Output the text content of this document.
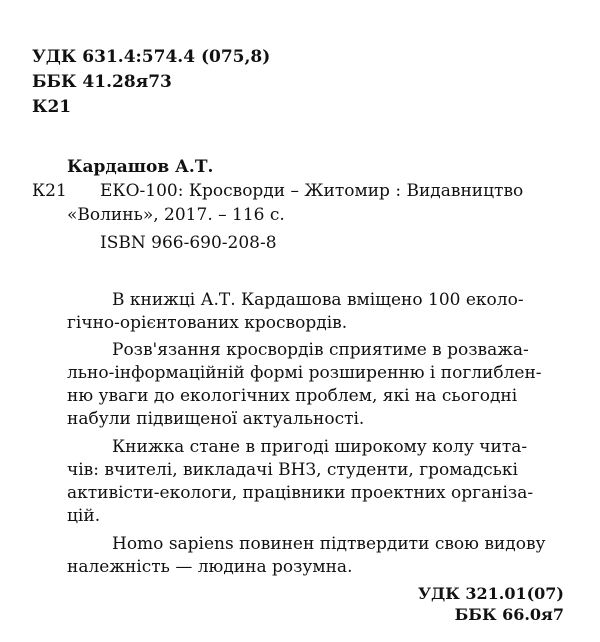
УДК 631.4:574.4 (075,8)
ББК 41.28я73
К21
Кардашов А.Т.
К21 ЕКО-100: Кросворди – Житомир : Видавництво
«Волинь», 2017. – 116 с.
ISBN 966-690-208-8
В книжці А.Т. Кардашова вміщено 100 еколо-
гічно-орієнтованих кросвордів.
Розв'язання кросвордів сприятиме в розважа-
льно-інформаційній формі розширенню і поглиблен-
ню уваги до екологічних проблем, які на сьогодні
набули підвищеної актуальності.
Книжка стане в пригоді широкому колу чита-
чів: вчителі, викладачі ВНЗ, студенти, громадські
активісти-екологи, працівники проектних організа-
цій.
Homo sapiens повинен підтвердити свою видову
належність — людина розумна.
УДК 321.01(07)
ББК 66.0я7
